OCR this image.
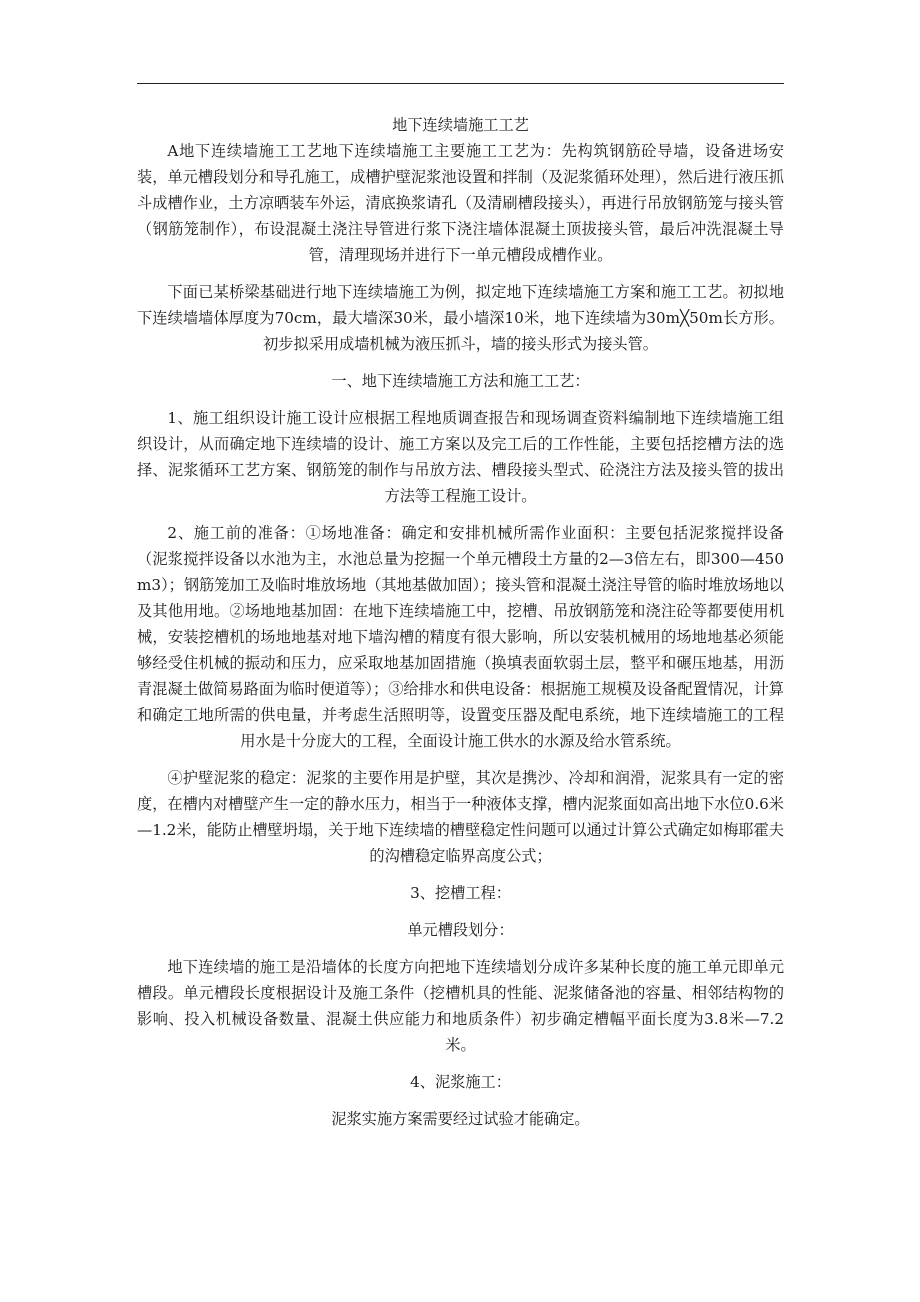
地下连续墙施工工艺

A地下连续墙施工工艺地下连续墙施工主要施工工艺为：先构筑钢筋砼导墙，设备进场安装，单元槽段划分和导孔施工，成槽护壁泥浆池设置和拌制（及泥浆循环处理），然后进行液压抓斗成槽作业，土方凉晒装车外运，清底换浆请孔（及清刷槽段接头），再进行吊放钢筋笼与接头管（钢筋笼制作），布设混凝土浇注导管进行浆下浇注墙体混凝土顶拔接头管，最后冲洗混凝土导管，清理现场并进行下一单元槽段成槽作业。

下面已某桥梁基础进行地下连续墙施工为例，拟定地下连续墙施工方案和施工工艺。初拟地下连续墙墙体厚度为70cm，最大墙深30米，最小墙深10米，地下连续墙为30m╳50m长方形。初步拟采用成墙机械为液压抓斗，墙的接头形式为接头管。

一、地下连续墙施工方法和施工工艺：

1、施工组织设计施工设计应根据工程地质调查报告和现场调查资料编制地下连续墙施工组织设计，从而确定地下连续墙的设计、施工方案以及完工后的工作性能，主要包括挖槽方法的选择、泥浆循环工艺方案、钢筋笼的制作与吊放方法、槽段接头型式、砼浇注方法及接头管的拔出方法等工程施工设计。

2、施工前的准备：①场地准备：确定和安排机械所需作业面积：主要包括泥浆搅拌设备（泥浆搅拌设备以水池为主，水池总量为挖掘一个单元槽段土方量的2—3倍左右，即300—450m3）；钢筋笼加工及临时堆放场地（其地基做加固）；接头管和混凝土浇注导管的临时堆放场地以及其他用地。②场地地基加固：在地下连续墙施工中，挖槽、吊放钢筋笼和浇注砼等都要使用机械，安装挖槽机的场地地基对地下墙沟槽的精度有很大影响，所以安装机械用的场地地基必须能够经受住机械的振动和压力，应采取地基加固措施（换填表面软弱土层，整平和碾压地基，用沥青混凝土做简易路面为临时便道等）；③给排水和供电设备：根据施工规模及设备配置情况，计算和确定工地所需的供电量，并考虑生活照明等，设置变压器及配电系统，地下连续墙施工的工程用水是十分庞大的工程，全面设计施工供水的水源及给水管系统。

④护壁泥浆的稳定：泥浆的主要作用是护壁，其次是携沙、冷却和润滑，泥浆具有一定的密度，在槽内对槽壁产生一定的静水压力，相当于一种液体支撑，槽内泥浆面如高出地下水位0.6米—1.2米，能防止槽壁坍塌，关于地下连续墙的槽壁稳定性问题可以通过计算公式确定如梅耶霍夫的沟槽稳定临界高度公式；

3、挖槽工程：

单元槽段划分：

地下连续墙的施工是沿墙体的长度方向把地下连续墙划分成许多某种长度的施工单元即单元槽段。单元槽段长度根据设计及施工条件（挖槽机具的性能、泥浆储备池的容量、相邻结构物的影响、投入机械设备数量、混凝土供应能力和地质条件）初步确定槽幅平面长度为3.8米—7.2米。

4、泥浆施工：

泥浆实施方案需要经过试验才能确定。
